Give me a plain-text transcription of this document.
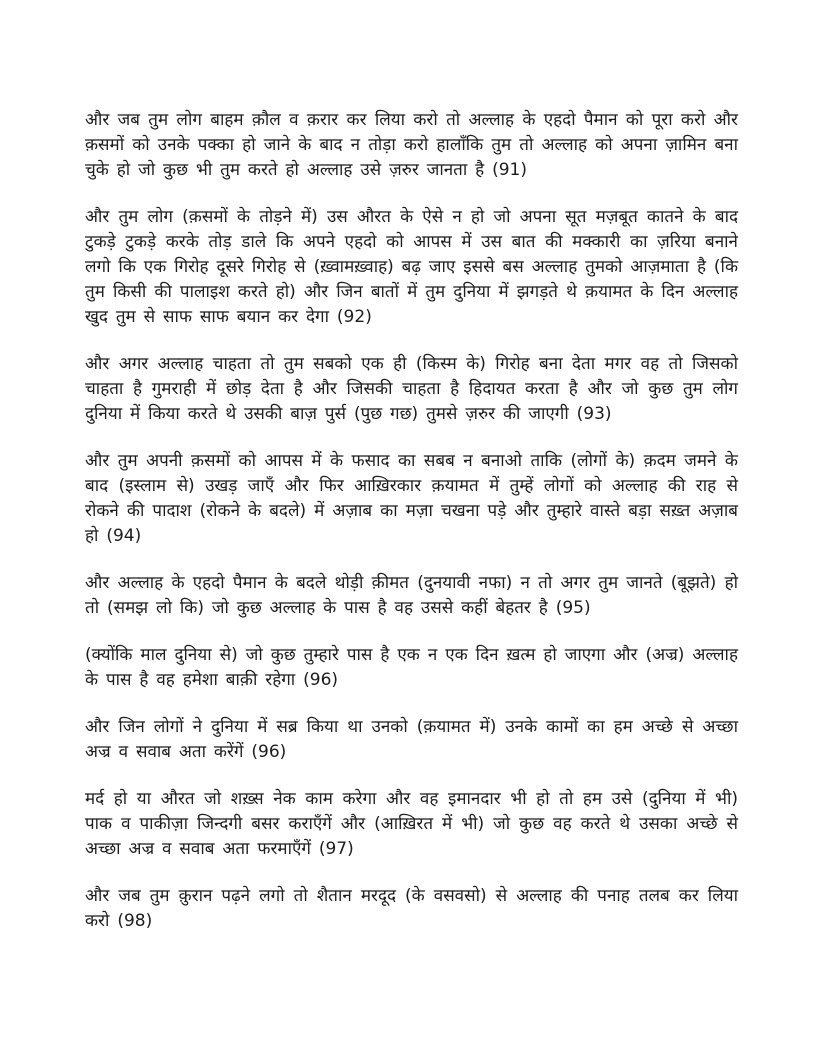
और जब तुम लोग बाहम क़ौल व क़रार कर लिया करो तो अल्लाह के एहदो पैमान को पूरा करो और क़समों को उनके पक्का हो जाने के बाद न तोड़ा करो हालाँकि तुम तो अल्लाह को अपना ज़ामिन बना चुके हो जो कुछ भी तुम करते हो अल्लाह उसे ज़रुर जानता है (91)

और तुम लोग (क़समों के तोड़ने में) उस औरत के ऐसे न हो जो अपना सूत मज़बूत कातने के बाद टुकड़े टुकड़े करके तोड़ डाले कि अपने एहदो को आपस में उस बात की मक्कारी का ज़रिया बनाने लगो कि एक गिरोह दूसरे गिरोह से (ख़्वामख़्वाह) बढ़ जाए इससे बस अल्लाह तुमको आज़माता है (कि तुम किसी की पालाइश करते हो) और जिन बातों में तुम दुनिया में झगड़ते थे क़यामत के दिन अल्लाह खुद तुम से साफ साफ बयान कर देगा (92)

और अगर अल्लाह चाहता तो तुम सबको एक ही (किस्म के) गिरोह बना देता मगर वह तो जिसको चाहता है गुमराही में छोड़ देता है और जिसकी चाहता है हिदायत करता है और जो कुछ तुम लोग दुनिया में किया करते थे उसकी बाज़ पुर्स (पुछ गछ) तुमसे ज़रुर की जाएगी (93)

और तुम अपनी क़समों को आपस में के फसाद का सबब न बनाओ ताकि (लोगों के) क़दम जमने के बाद (इस्लाम से) उखड़ जाएँ और फिर आख़िरकार क़यामत में तुम्हें लोगों को अल्लाह की राह से रोकने की पादाश (रोकने के बदले) में अज़ाब का मज़ा चखना पड़े और तुम्हारे वास्ते बड़ा सख़्त अज़ाब हो (94)

और अल्लाह के एहदो पैमान के बदले थोड़ी क़ीमत (दुनयावी नफा) न तो अगर तुम जानते (बूझते) हो तो (समझ लो कि) जो कुछ अल्लाह के पास है वह उससे कहीं बेहतर है (95)

(क्योंकि माल दुनिया से) जो कुछ तुम्हारे पास है एक न एक दिन ख़त्म हो जाएगा और (अज्र) अल्लाह के पास है वह हमेशा बाक़ी रहेगा (96)

और जिन लोगों ने दुनिया में सब्र किया था उनको (क़यामत में) उनके कामों का हम अच्छे से अच्छा अज्र व सवाब अता करेंगें (96)

मर्द हो या औरत जो शख़्स नेक काम करेगा और वह इमानदार भी हो तो हम उसे (दुनिया में भी) पाक व पाकीज़ा जिन्दगी बसर कराएँगें और (आख़िरत में भी) जो कुछ वह करते थे उसका अच्छे से अच्छा अज्र व सवाब अता फरमाएँगें (97)

और जब तुम क़ुरान पढ़ने लगो तो शैतान मरदूद (के वसवसो) से अल्लाह की पनाह तलब कर लिया करो (98)
